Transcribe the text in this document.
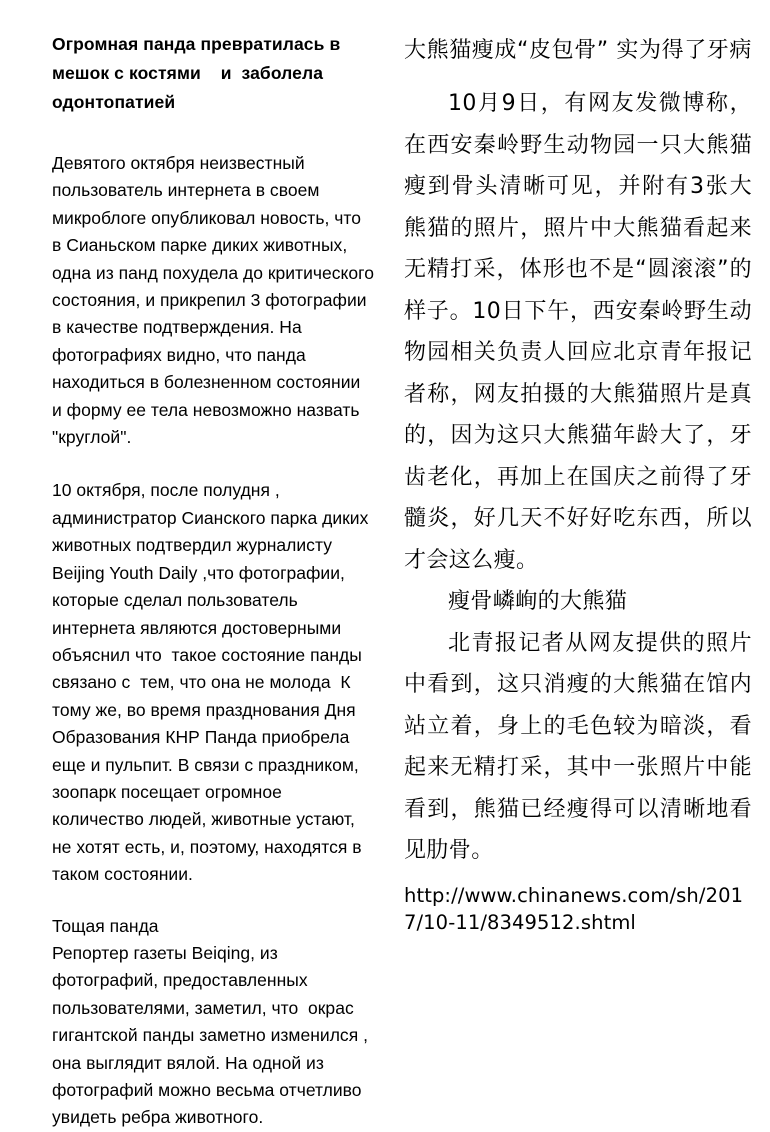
Огромная панда превратилась в мешок с костями    и  заболела одонтопатией

Девятого октября неизвестный пользователь интернета в своем микроблоге опубликовал новость, что в Сианьском парке диких животных, одна из панд похудела до критического состояния, и прикрепил 3 фотографии в качестве подтверждения. На фотографиях видно, что панда находиться в болезненном состоянии и форму ее тела невозможно назвать "круглой".

10 октября, после полудня , администратор Сианского парка диких животных подтвердил журналисту Beijing Youth Daily ,что фотографии, которые сделал пользователь интернета являются достоверными объяснил что  такое состояние панды связано с  тем, что она не молода  К тому же, во время празднования Дня Образования КНР Панда приобрела еще и пульпит. В связи с праздником, зоопарк посещает огромное количество людей, животные устают, не хотят есть, и, поэтому, находятся в таком состоянии.

Тощая панда

Репортер газеты Beiqing, из фотографий, предоставленных пользователями, заметил, что  окрас гигантской панды заметно изменился , она выглядит вялой. На одной из фотографий можно весьма отчетливо увидеть ребра животного.

大熊猫瘦成“皮包骨” 实为得了牙病

10月9日，有网友发微博称，在西安秦岭野生动物园一只大熊猫瘦到骨头清晰可见，并附有3张大熊猫的照片，照片中大熊猫看起来无精打采，体形也不是“圆滚滚”的样子。10日下午，西安秦岭野生动物园相关负责人回应北京青年报记者称，网友拍摄的大熊猫照片是真的，因为这只大熊猫年龄大了，牙齿老化，再加上在国庆之前得了牙髓炎，好几天不好好吃东西，所以才会这么瘦。

瘦骨嶙峋的大熊猫

北青报记者从网友提供的照片中看到，这只消瘦的大熊猫在馆内站立着，身上的毛色较为暗淡，看起来无精打采，其中一张照片中能看到，熊猫已经瘦得可以清晰地看见肋骨。

http://www.chinanews.com/sh/2017/10-11/8349512.shtml
